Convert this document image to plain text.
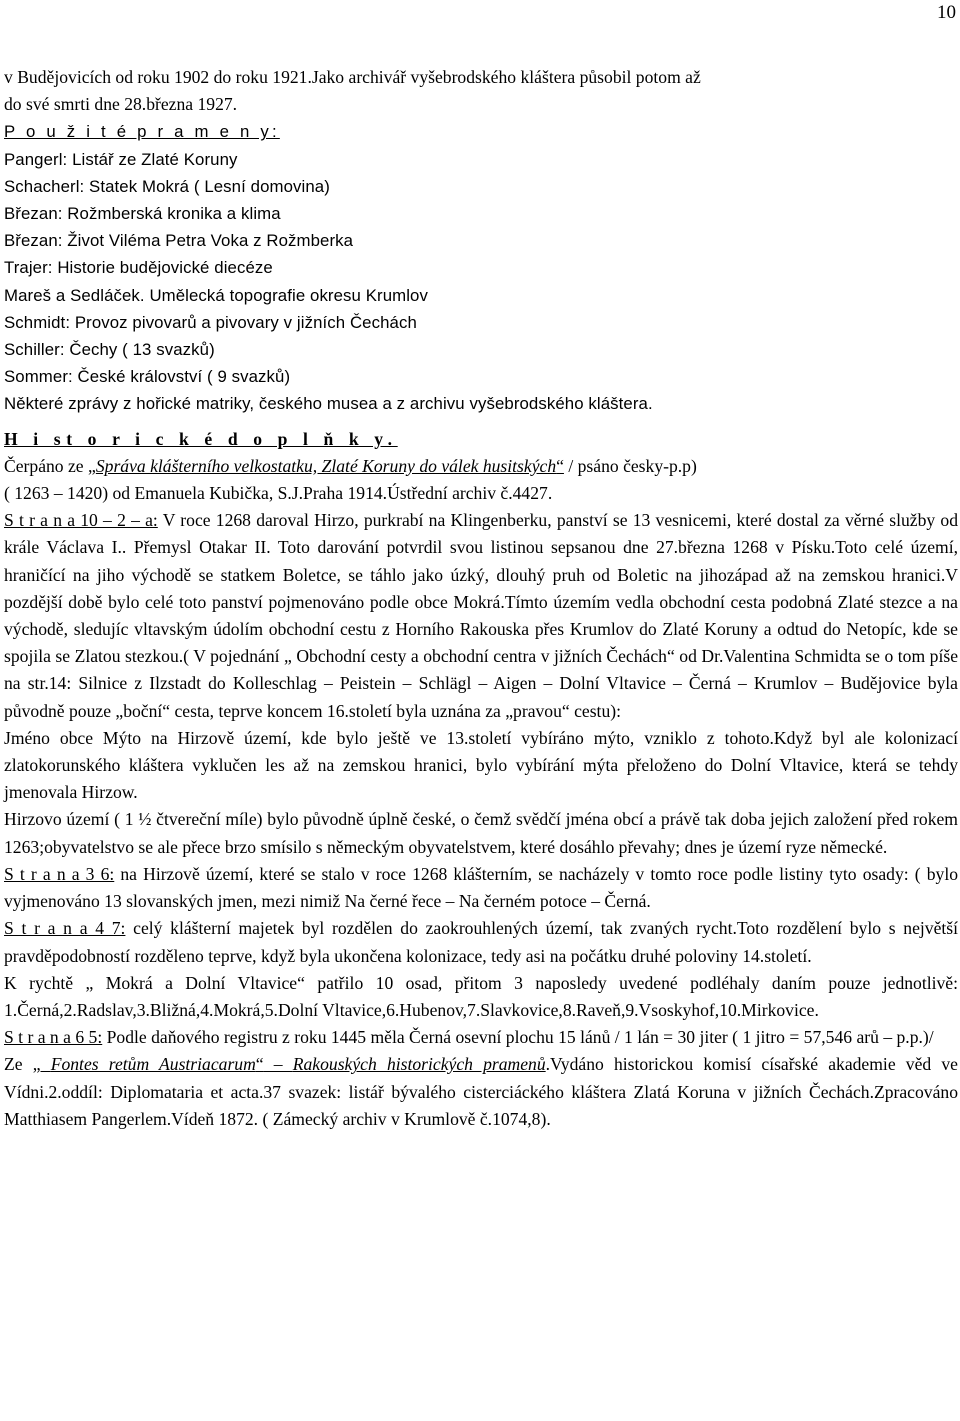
10

v Budějovicích od roku 1902 do roku 1921.Jako archivář vyšebrodského kláštera působil potom až

do své smrti dne 28.března 1927.

P o u ž i t é p r a m e n y:

Pangerl: Listář ze Zlaté Koruny

Schacherl: Statek Mokrá ( Lesní domovina)

Březan: Rožmberská kronika a klima

Březan: Život Viléma Petra Voka z Rožmberka

Trajer: Historie budějovické diecéze

Mareš a Sedláček. Umělecká topografie okresu Krumlov

Schmidt: Provoz pivovarů a pivovary v jižních Čechách

Schiller: Čechy ( 13 svazků)

Sommer: České království ( 9 svazků)

Některé zprávy z hořické matriky, českého musea a z archivu vyšebrodského kláštera.

H i st o r i c k é d o p l ň k y.

Čerpáno ze „Správa klášterního velkostatku, Zlaté Koruny do válek husitských“ / psáno česky-p.p)

( 1263 – 1420) od Emanuela Kubička, S.J.Praha 1914.Ústřední archiv č.4427.

S t r a n a 10 – 2 – a: V roce 1268 daroval Hirzo, purkrabí na Klingenberku, panství se 13 vesnicemi, které dostal za věrné služby od krále Václava I.. Přemysl Otakar II. Toto darování potvrdil svou listinou sepsanou dne 27.března 1268 v Písku.Toto celé území, hraničící na jiho východě se statkem Boletce, se táhlo jako úzký, dlouhý pruh od Boletic na jihozápad až na zemskou hranici.V pozdější době bylo celé toto panství pojmenováno podle obce Mokrá.Tímto územím vedla obchodní cesta podobná Zlaté stezce a na východě, sledujíc vltavským údolím obchodní cestu z Horního Rakouska přes Krumlov do Zlaté Koruny a odtud do Netopíc, kde se spojila se Zlatou stezkou.( V pojednání „ Obchodní cesty a obchodní centra v jižních Čechách“ od Dr.Valentina Schmidta se o tom píše na str.14: Silnice z Ilzstadt do Kolleschlag – Peistein – Schlägl – Aigen – Dolní Vltavice – Černá – Krumlov – Budějovice byla původně pouze „boční“ cesta, teprve koncem 16.století byla uznána za „pravou“ cestu):

Jméno obce Mýto na Hirzově území, kde bylo ještě ve 13.století vybíráno mýto, vzniklo z tohoto.Když byl ale kolonizací zlatokorunského kláštera vyklučen les až na zemskou hranici, bylo vybírání mýta přeloženo do Dolní Vltavice, která se tehdy jmenovala Hirzow.

Hirzovo území ( 1 ½ čtvereční míle) bylo původně úplně české, o čemž svědčí jména obcí a právě tak doba jejich založení před rokem 1263;obyvatelstvo se ale přece brzo smísilo s německým obyvatelstvem, které dosáhlo převahy; dnes je území ryze německé.

S t r a n a 3 6: na Hirzově území, které se stalo v roce 1268 klášterním, se nacházely v tomto roce podle listiny tyto osady: ( bylo vyjmenováno 13 slovanských jmen, mezi nimiž Na černé řece – Na černém potoce – Černá.

S t r a n a 4 7: celý klášterní majetek byl rozdělen do zaokrouhlených území, tak zvaných rycht.Toto rozdělení bylo s největší pravděpodobností rozděleno teprve, když byla ukončena kolonizace, tedy asi na počátku druhé poloviny 14.století.

K rychtě „ Mokrá a Dolní Vltavice“ patřilo 10 osad, přitom 3 naposledy uvedené podléhaly daním pouze jednotlivě: 1.Černá,2.Radslav,3.Bližná,4.Mokrá,5.Dolní Vltavice,6.Hubenov,7.Slavkovice,8.Raveň,9.Vsoskyhof,10.Mirkovice.

S t r a n a 6 5: Podle daňového registru z roku 1445 měla Černá osevní plochu 15 lánů / 1 lán = 30 jiter ( 1 jitro = 57,546 arů – p.p.)/

Ze „ Fontes retům Austriacarum“ – Rakouských historických pramenů.Vydáno historickou komisí císařské akademie věd ve Vídni.2.oddíl: Diplomataria et acta.37 svazek: listář bývalého cisterciáckého kláštera Zlatá Koruna v jižních Čechách.Zpracováno Matthiasem Pangerlem.Vídeň 1872. ( Zámecký archiv v Krumlově č.1074,8).
